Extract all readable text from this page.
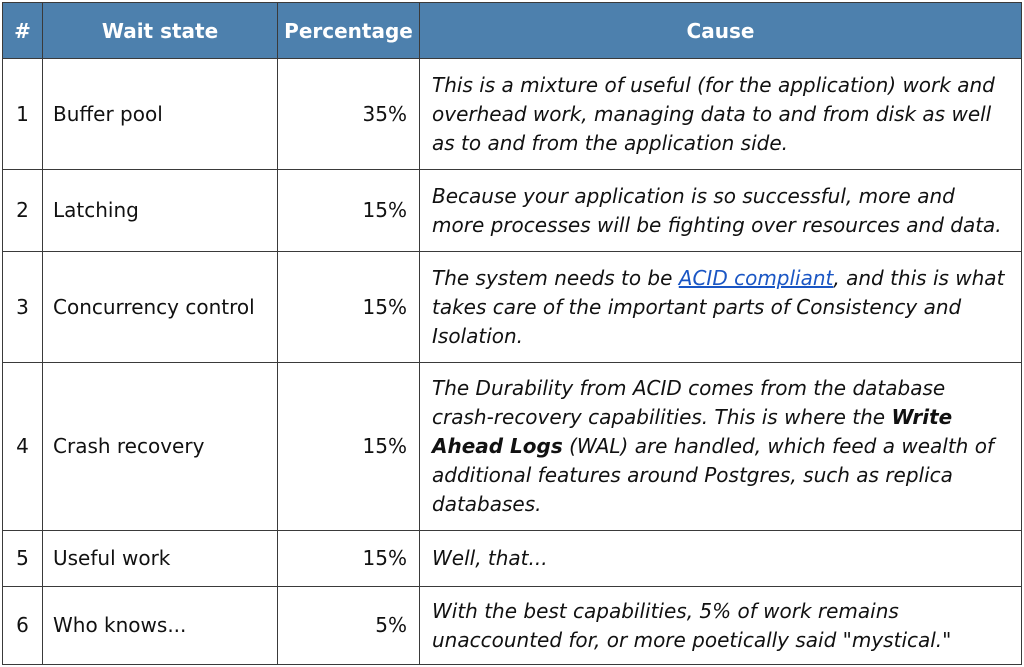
#	Wait state	Percentage	Cause
1	Buffer pool	35%	This is a mixture of useful (for the application) work and overhead work, managing data to and from disk as well as to and from the application side.
2	Latching	15%	Because your application is so successful, more and more processes will be fighting over resources and data.
3	Concurrency control	15%	The system needs to be ACID compliant, and this is what takes care of the important parts of Consistency and Isolation.
4	Crash recovery	15%	The Durability from ACID comes from the database crash-recovery capabilities. This is where the Write Ahead Logs (WAL) are handled, which feed a wealth of additional features around Postgres, such as replica databases.
5	Useful work	15%	Well, that...
6	Who knows...	5%	With the best capabilities, 5% of work remains unaccounted for, or more poetically said "mystical."
